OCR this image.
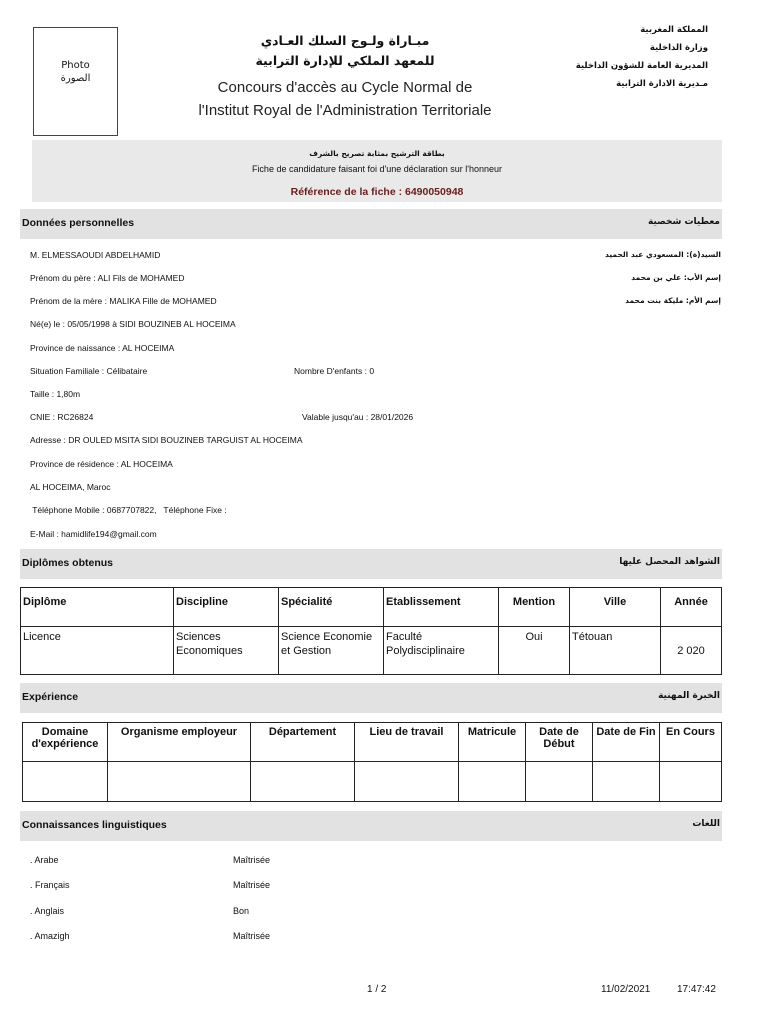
Photo
الصورة
مبـاراة ولـوج السلك العـادي
للمعهد الملكي للإدارة الترابية
Concours d'accès au Cycle Normal de
l'Institut Royal de l'Administration Territoriale
المملكة المغربية
وزارة الداخلية
المديرية العامة للشؤون الداخلية
مـديرية الادارة الترابية
بطاقة الترشيح بمثابة تصريح بالشرف
Fiche de candidature faisant foi d'une déclaration sur l'honneur
Référence de la fiche : 6490050948
Données personnelles	معطيات شخصية
M. ELMESSAOUDI ABDELHAMID	السيد(ة): المسعودي عبد الحميد
Prénom du père : ALI Fils de MOHAMED	إسم الأب: علي بن محمد
Prénom de la mère : MALIKA Fille de MOHAMED	إسم الأم: مليكة بنت محمد
Né(e) le : 05/05/1998 à SIDI BOUZINEB AL HOCEIMA
Province de naissance : AL HOCEIMA
Situation Familiale : Célibataire	Nombre D'enfants : 0
Taille : 1,80m
CNIE : RC26824	Valable jusqu'au : 28/01/2026
Adresse : DR OULED MSITA SIDI BOUZINEB TARGUIST AL HOCEIMA
Province de résidence : AL HOCEIMA
AL HOCEIMA, Maroc
Téléphone Mobile : 0687707822,   Téléphone Fixe :
E-Mail : hamidlife194@gmail.com
Diplômes obtenus	الشواهد المحصل عليها
Diplôme	Discipline	Spécialité	Etablissement	Mention	Ville	Année
Licence	Sciences Economiques	Science Economie et Gestion	Faculté Polydisciplinaire	Oui	Tétouan	2 020
Expérience	الخبرة المهنية
Domaine d'expérience	Organisme employeur	Département	Lieu de travail	Matricule	Date de Début	Date de Fin	En Cours

Connaissances linguistiques	اللغات
. Arabe	Maîtrisée
. Français	Maîtrisée
. Anglais	Bon
. Amazigh	Maîtrisée
1 / 2	11/02/2021	17:47:42
